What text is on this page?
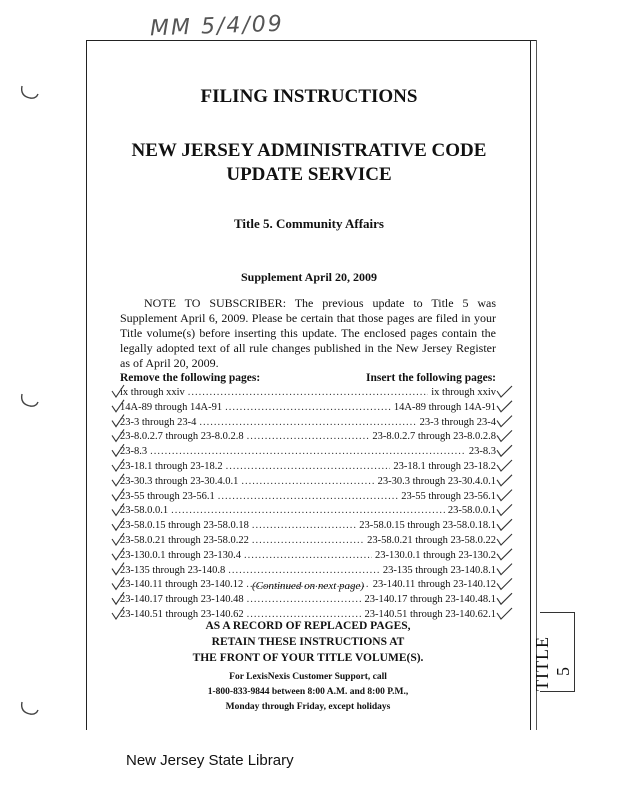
MM 5/4/09
TITLE 5
FILING INSTRUCTIONS
NEW JERSEY ADMINISTRATIVE CODE
UPDATE SERVICE
Title 5. Community Affairs
Supplement April 20, 2009
NOTE TO SUBSCRIBER: The previous update to Title 5 was Supplement April 6, 2009. Please be certain that those pages are filed in your Title volume(s) before inserting this update. The enclosed pages contain the legally adopted text of all rule changes published in the New Jersey Register as of April 20, 2009.
Remove the following pages:	Insert the following pages:
ix through xxiv .....	ix through xxiv
14A-89 through 14A-91 .....	14A-89 through 14A-91
23-3 through 23-4 .....	23-3 through 23-4
23-8.0.2.7 through 23-8.0.2.8 .....	23-8.0.2.7 through 23-8.0.2.8
23-8.3 .....	23-8.3
23-18.1 through 23-18.2 .....	23-18.1 through 23-18.2
23-30.3 through 23-30.4.0.1 .....	23-30.3 through 23-30.4.0.1
23-55 through 23-56.1 .....	23-55 through 23-56.1
23-58.0.0.1 .....	23-58.0.0.1
23-58.0.15 through 23-58.0.18 .....	23-58.0.15 through 23-58.0.18.1
23-58.0.21 through 23-58.0.22 .....	23-58.0.21 through 23-58.0.22
23-130.0.1 through 23-130.4 .....	23-130.0.1 through 23-130.2
23-135 through 23-140.8 .....	23-135 through 23-140.8.1
23-140.11 through 23-140.12 .....	23-140.11 through 23-140.12
23-140.17 through 23-140.48 .....	23-140.17 through 23-140.48.1
23-140.51 through 23-140.62 .....	23-140.51 through 23-140.62.1
(Continued on next page)
AS A RECORD OF REPLACED PAGES,
RETAIN THESE INSTRUCTIONS AT
THE FRONT OF YOUR TITLE VOLUME(S).
For LexisNexis Customer Support, call
1-800-833-9844 between 8:00 A.M. and 8:00 P.M.,
Monday through Friday, except holidays
New Jersey State Library
